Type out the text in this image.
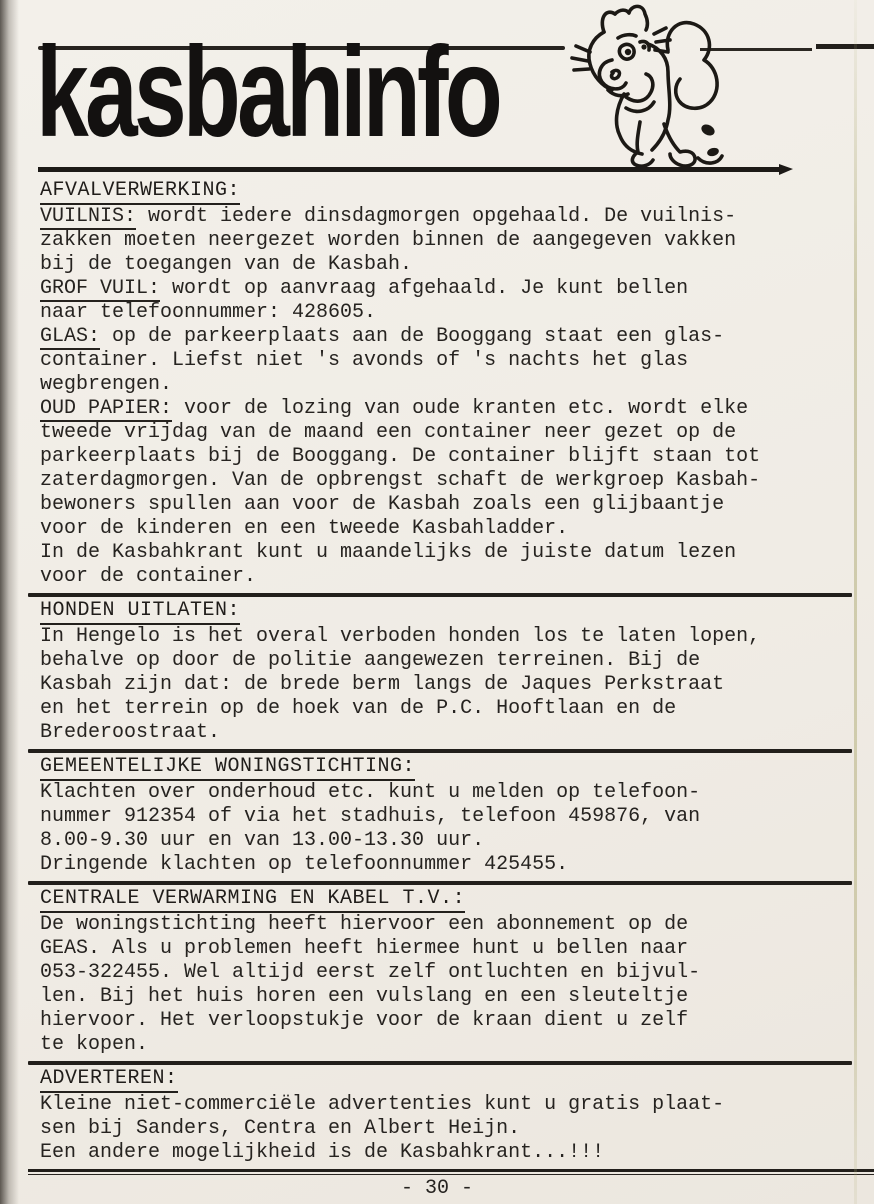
kasbahinfo
AFVALVERWERKING:

VUILNIS: wordt iedere dinsdagmorgen opgehaald. De vuilnis-
zakken moeten neergezet worden binnen de aangegeven vakken
bij de toegangen van de Kasbah.

GROF VUIL: wordt op aanvraag afgehaald. Je kunt bellen
naar telefoonnummer: 428605.

GLAS: op de parkeerplaats aan de Booggang staat een glas-
container. Liefst niet 's avonds of 's nachts het glas
wegbrengen.

OUD PAPIER: voor de lozing van oude kranten etc. wordt elke
tweede vrijdag van de maand een container neer gezet op de
parkeerplaats bij de Booggang. De container blijft staan tot
zaterdagmorgen. Van de opbrengst schaft de werkgroep Kasbah-
bewoners spullen aan voor de Kasbah zoals een glijbaantje
voor de kinderen en een tweede Kasbahladder.

In de Kasbahkrant kunt u maandelijks de juiste datum lezen
voor de container.

HONDEN UITLATEN:

In Hengelo is het overal verboden honden los te laten lopen,
behalve op door de politie aangewezen terreinen. Bij de
Kasbah zijn dat: de brede berm langs de Jaques Perkstraat
en het terrein op de hoek van de P.C. Hooftlaan en de
Brederoostraat.

GEMEENTELIJKE WONINGSTICHTING:

Klachten over onderhoud etc. kunt u melden op telefoon-
nummer 912354 of via het stadhuis, telefoon 459876, van
8.00-9.30 uur en van 13.00-13.30 uur.
Dringende klachten op telefoonnummer 425455.

CENTRALE VERWARMING EN KABEL T.V.:

De woningstichting heeft hiervoor een abonnement op de
GEAS. Als u problemen heeft hiermee hunt u bellen naar
053-322455. Wel altijd eerst zelf ontluchten en bijvul-
len. Bij het huis horen een vulslang en een sleuteltje
hiervoor. Het verloopstukje voor de kraan dient u zelf
te kopen.

ADVERTEREN:

Kleine niet-commerciële advertenties kunt u gratis plaat-
sen bij Sanders, Centra en Albert Heijn.
Een andere mogelijkheid is de Kasbahkrant...!!!

- 30 -
